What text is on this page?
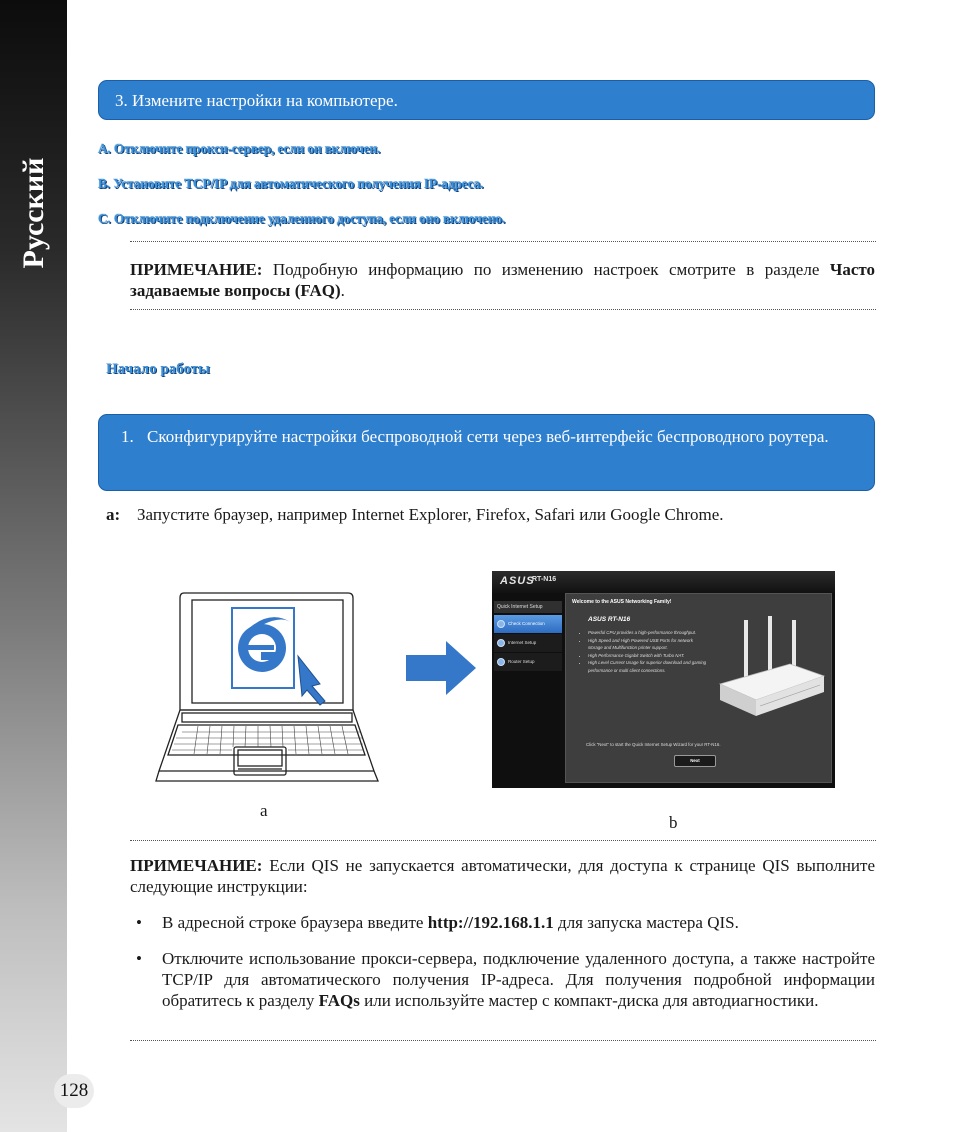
Русский
3. Измените настройки на компьютере.
A. Отключите прокси-сервер, если он включен.
B. Установите TCP/IP для автоматического получения IP-адреса.
C. Отключите подключение удаленного доступа, если оно включено.
ПРИМЕЧАНИЕ: Подробную информацию по изменению настроек смотрите в разделе Часто задаваемые вопросы (FAQ).
Начало работы
1. Сконфигурируйте настройки беспроводной сети через веб-интерфейс беспроводного роутера.
a: Запустите браузер, например Internet Explorer, Firefox, Safari или Google Chrome.
ASUS
RT-N16
Quick Internet Setup
Check Connection
Internet Setup
Router Setup
Welcome to the ASUS Networking Family!
ASUS RT-N16
• Powerful CPU provides a high-performance throughput.
• High Speed and High Powered USB Ports for network storage and Multifunction printer support.
• High Performance Gigabit Switch with Turbo NAT.
• High Level Current Usage for superior download and gaming performance or multi client connections.
Click "Next" to start the Quick Internet Setup Wizard for your RT-N16.
Next
a
b
ПРИМЕЧАНИЕ: Если QIS не запускается автоматически, для доступа к странице QIS выполните следующие инструкции:
• В адресной строке браузера введите http://192.168.1.1 для запуска мастера QIS.
• Отключите использование прокси-сервера, подключение удаленного доступа, а также настройте TCP/IP для автоматического получения IP-адреса. Для получения подробной информации обратитесь к разделу FAQs или используйте мастер с компакт-диска для автодиагностики.
128
